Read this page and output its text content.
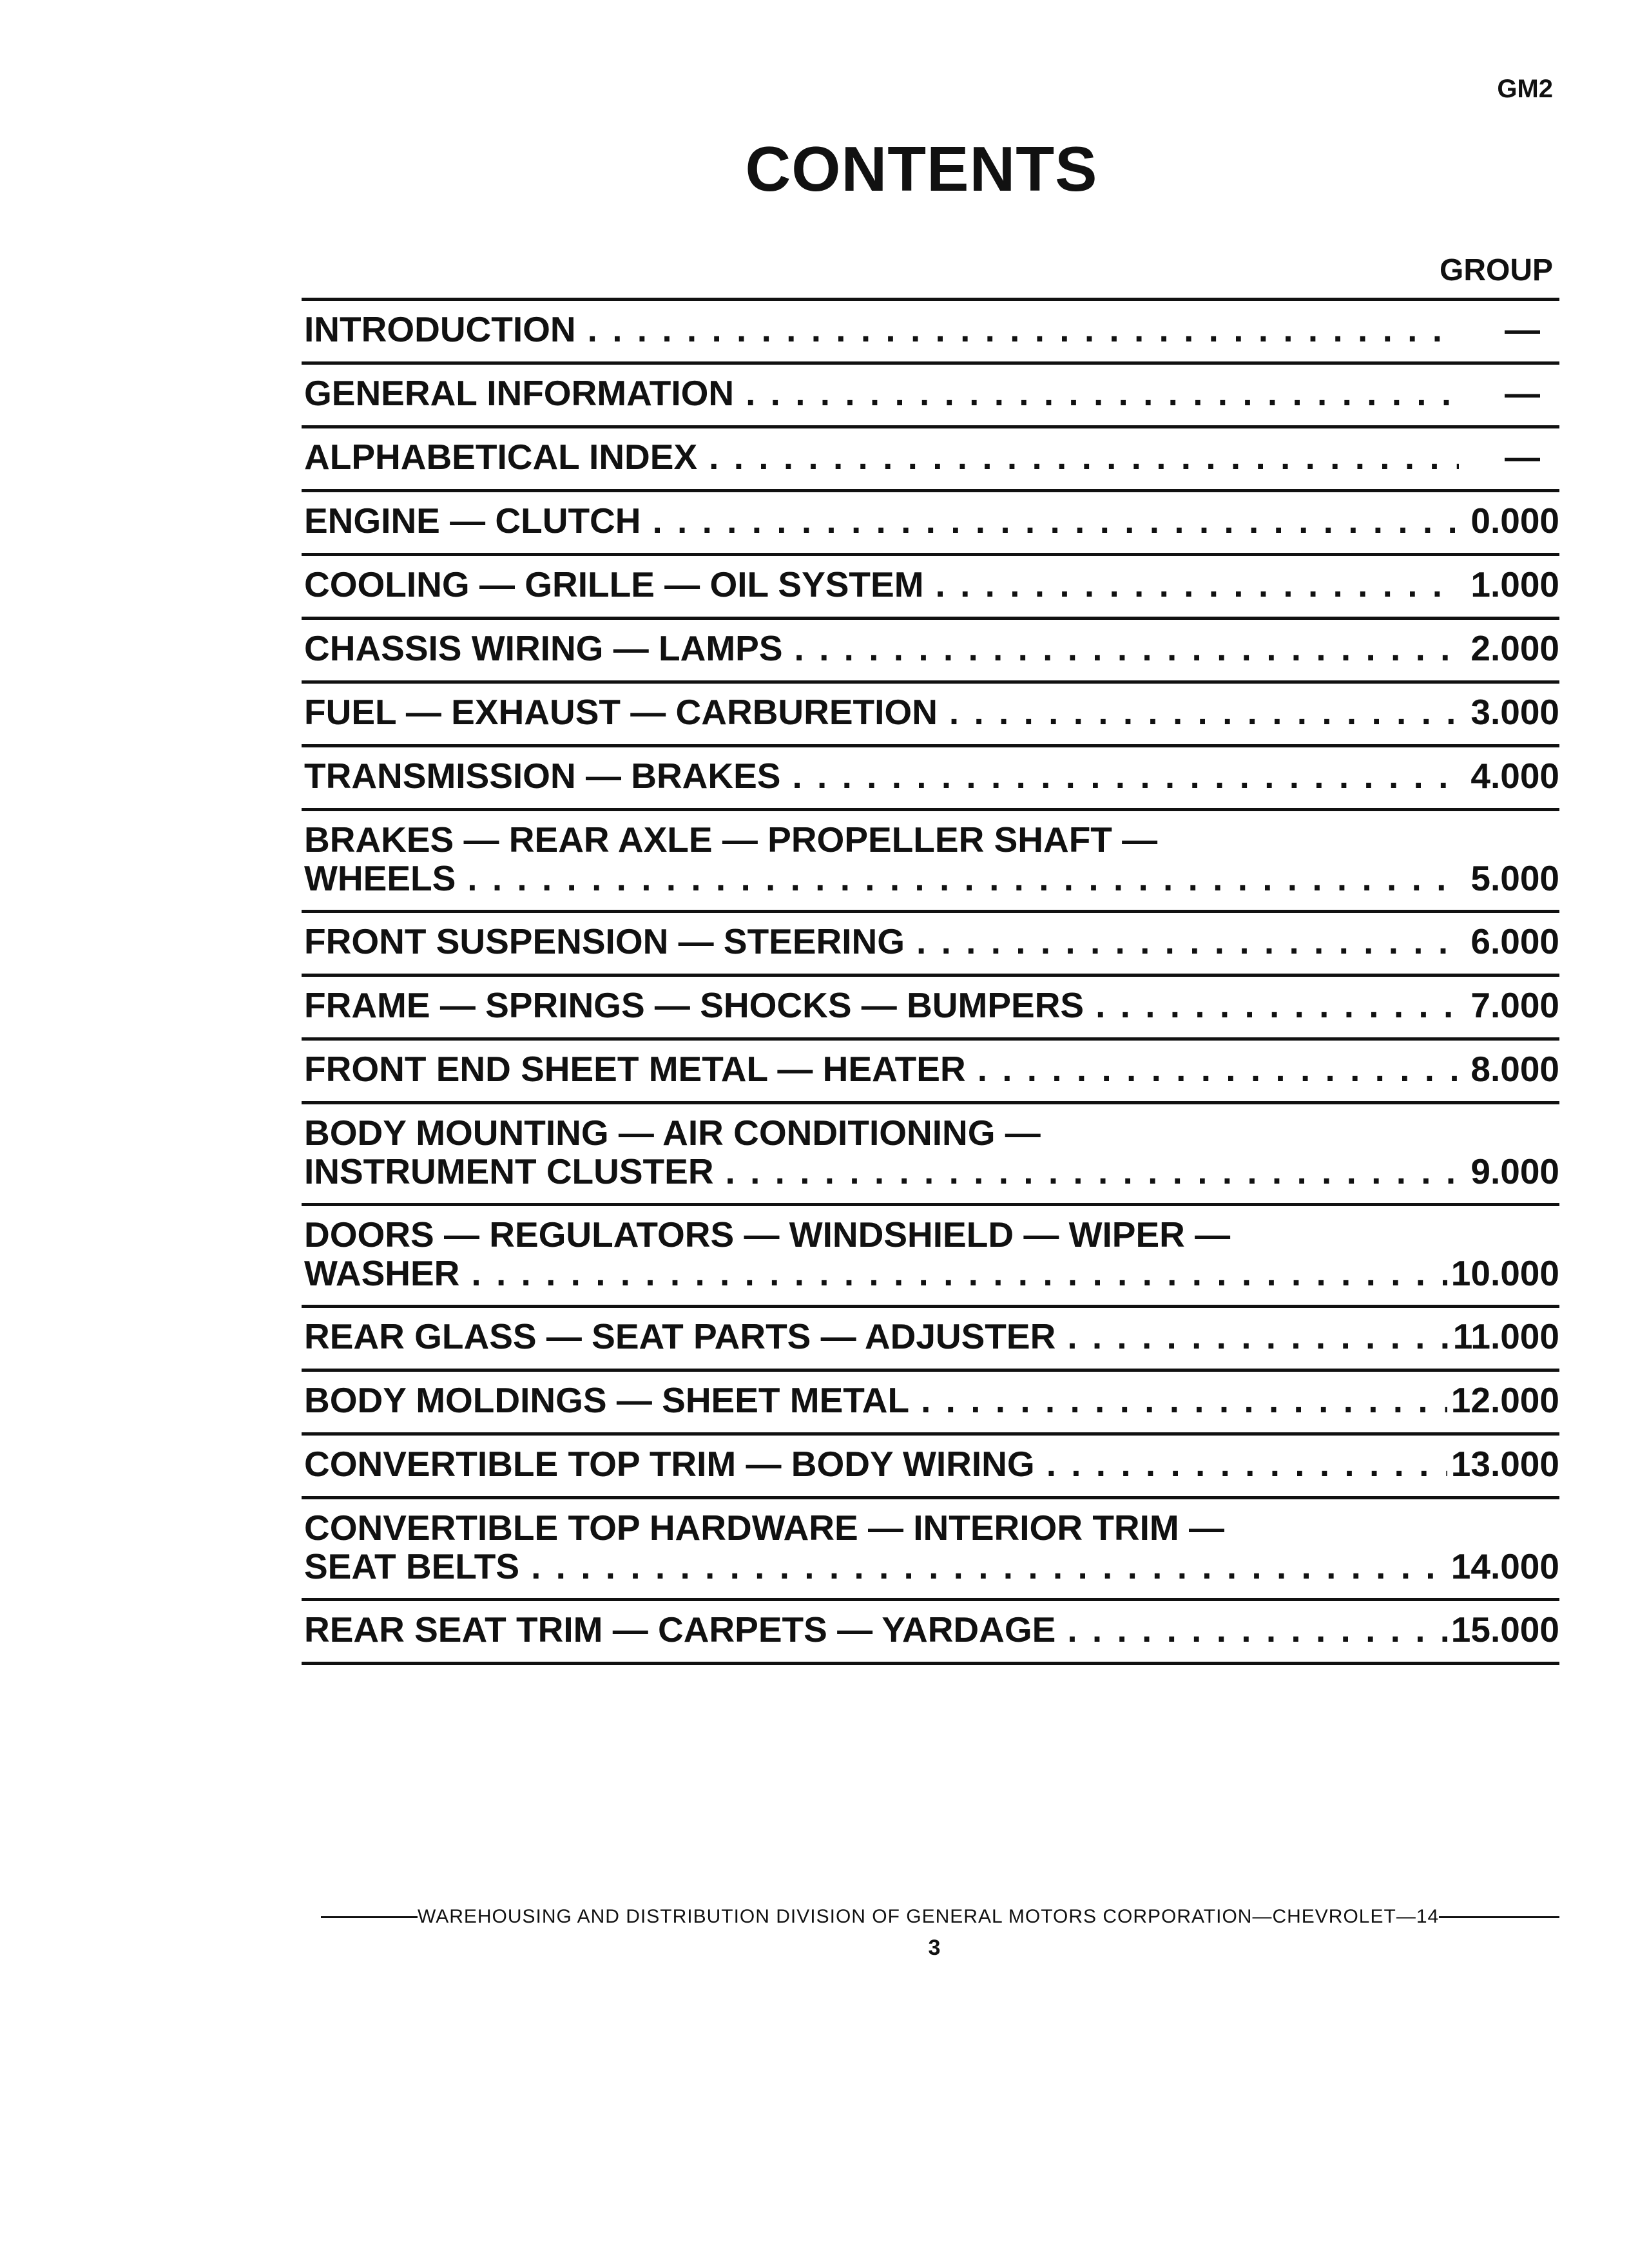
GM2
CONTENTS
GROUP
INTRODUCTION . . .	—
GENERAL INFORMATION . . .	—
ALPHABETICAL INDEX . . .	—
ENGINE — CLUTCH . . .	0.000
COOLING — GRILLE — OIL SYSTEM . . .	1.000
CHASSIS WIRING — LAMPS . . .	2.000
FUEL — EXHAUST — CARBURETION . . .	3.000
TRANSMISSION — BRAKES . . .	4.000
BRAKES — REAR AXLE — PROPELLER SHAFT —
WHEELS . . .	5.000
FRONT SUSPENSION — STEERING . . .	6.000
FRAME — SPRINGS — SHOCKS — BUMPERS . . .	7.000
FRONT END SHEET METAL — HEATER . . .	8.000
BODY MOUNTING — AIR CONDITIONING —
INSTRUMENT CLUSTER . . .	9.000
DOORS — REGULATORS — WINDSHIELD — WIPER —
WASHER . . .	10.000
REAR GLASS — SEAT PARTS — ADJUSTER . . .	11.000
BODY MOLDINGS — SHEET METAL . . .	12.000
CONVERTIBLE TOP TRIM — BODY WIRING . . .	13.000
CONVERTIBLE TOP HARDWARE — INTERIOR TRIM —
SEAT BELTS . . .	14.000
REAR SEAT TRIM — CARPETS — YARDAGE . . .	15.000
WAREHOUSING AND DISTRIBUTION DIVISION OF GENERAL MOTORS CORPORATION—CHEVROLET—14
3
